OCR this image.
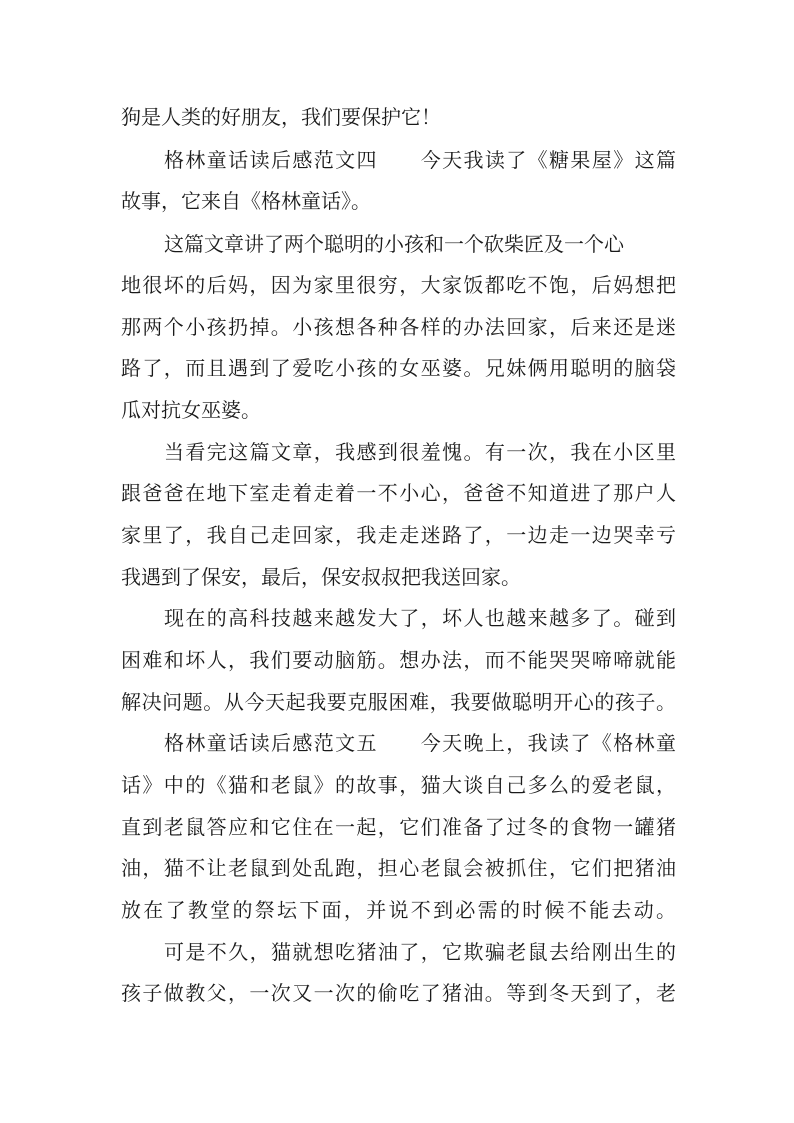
狗是人类的好朋友，我们要保护它！
格林童话读后感范文四　　今天我读了《糖果屋》这篇
故事，它来自《格林童话》。
这篇文章讲了两个聪明的小孩和一个砍柴匠及一个心
地很坏的后妈，因为家里很穷，大家饭都吃不饱，后妈想把
那两个小孩扔掉。小孩想各种各样的办法回家，后来还是迷
路了，而且遇到了爱吃小孩的女巫婆。兄妹俩用聪明的脑袋
瓜对抗女巫婆。
当看完这篇文章，我感到很羞愧。有一次，我在小区里
跟爸爸在地下室走着走着一不小心，爸爸不知道进了那户人
家里了，我自己走回家，我走走迷路了，一边走一边哭幸亏
我遇到了保安，最后，保安叔叔把我送回家。
现在的高科技越来越发大了，坏人也越来越多了。碰到
困难和坏人，我们要动脑筋。想办法，而不能哭哭啼啼就能
解决问题。从今天起我要克服困难，我要做聪明开心的孩子。
格林童话读后感范文五　　今天晚上，我读了《格林童
话》中的《猫和老鼠》的故事，猫大谈自己多么的爱老鼠，
直到老鼠答应和它住在一起，它们准备了过冬的食物一罐猪
油，猫不让老鼠到处乱跑，担心老鼠会被抓住，它们把猪油
放在了教堂的祭坛下面，并说不到必需的时候不能去动。
可是不久，猫就想吃猪油了，它欺骗老鼠去给刚出生的
孩子做教父，一次又一次的偷吃了猪油。等到冬天到了，老
